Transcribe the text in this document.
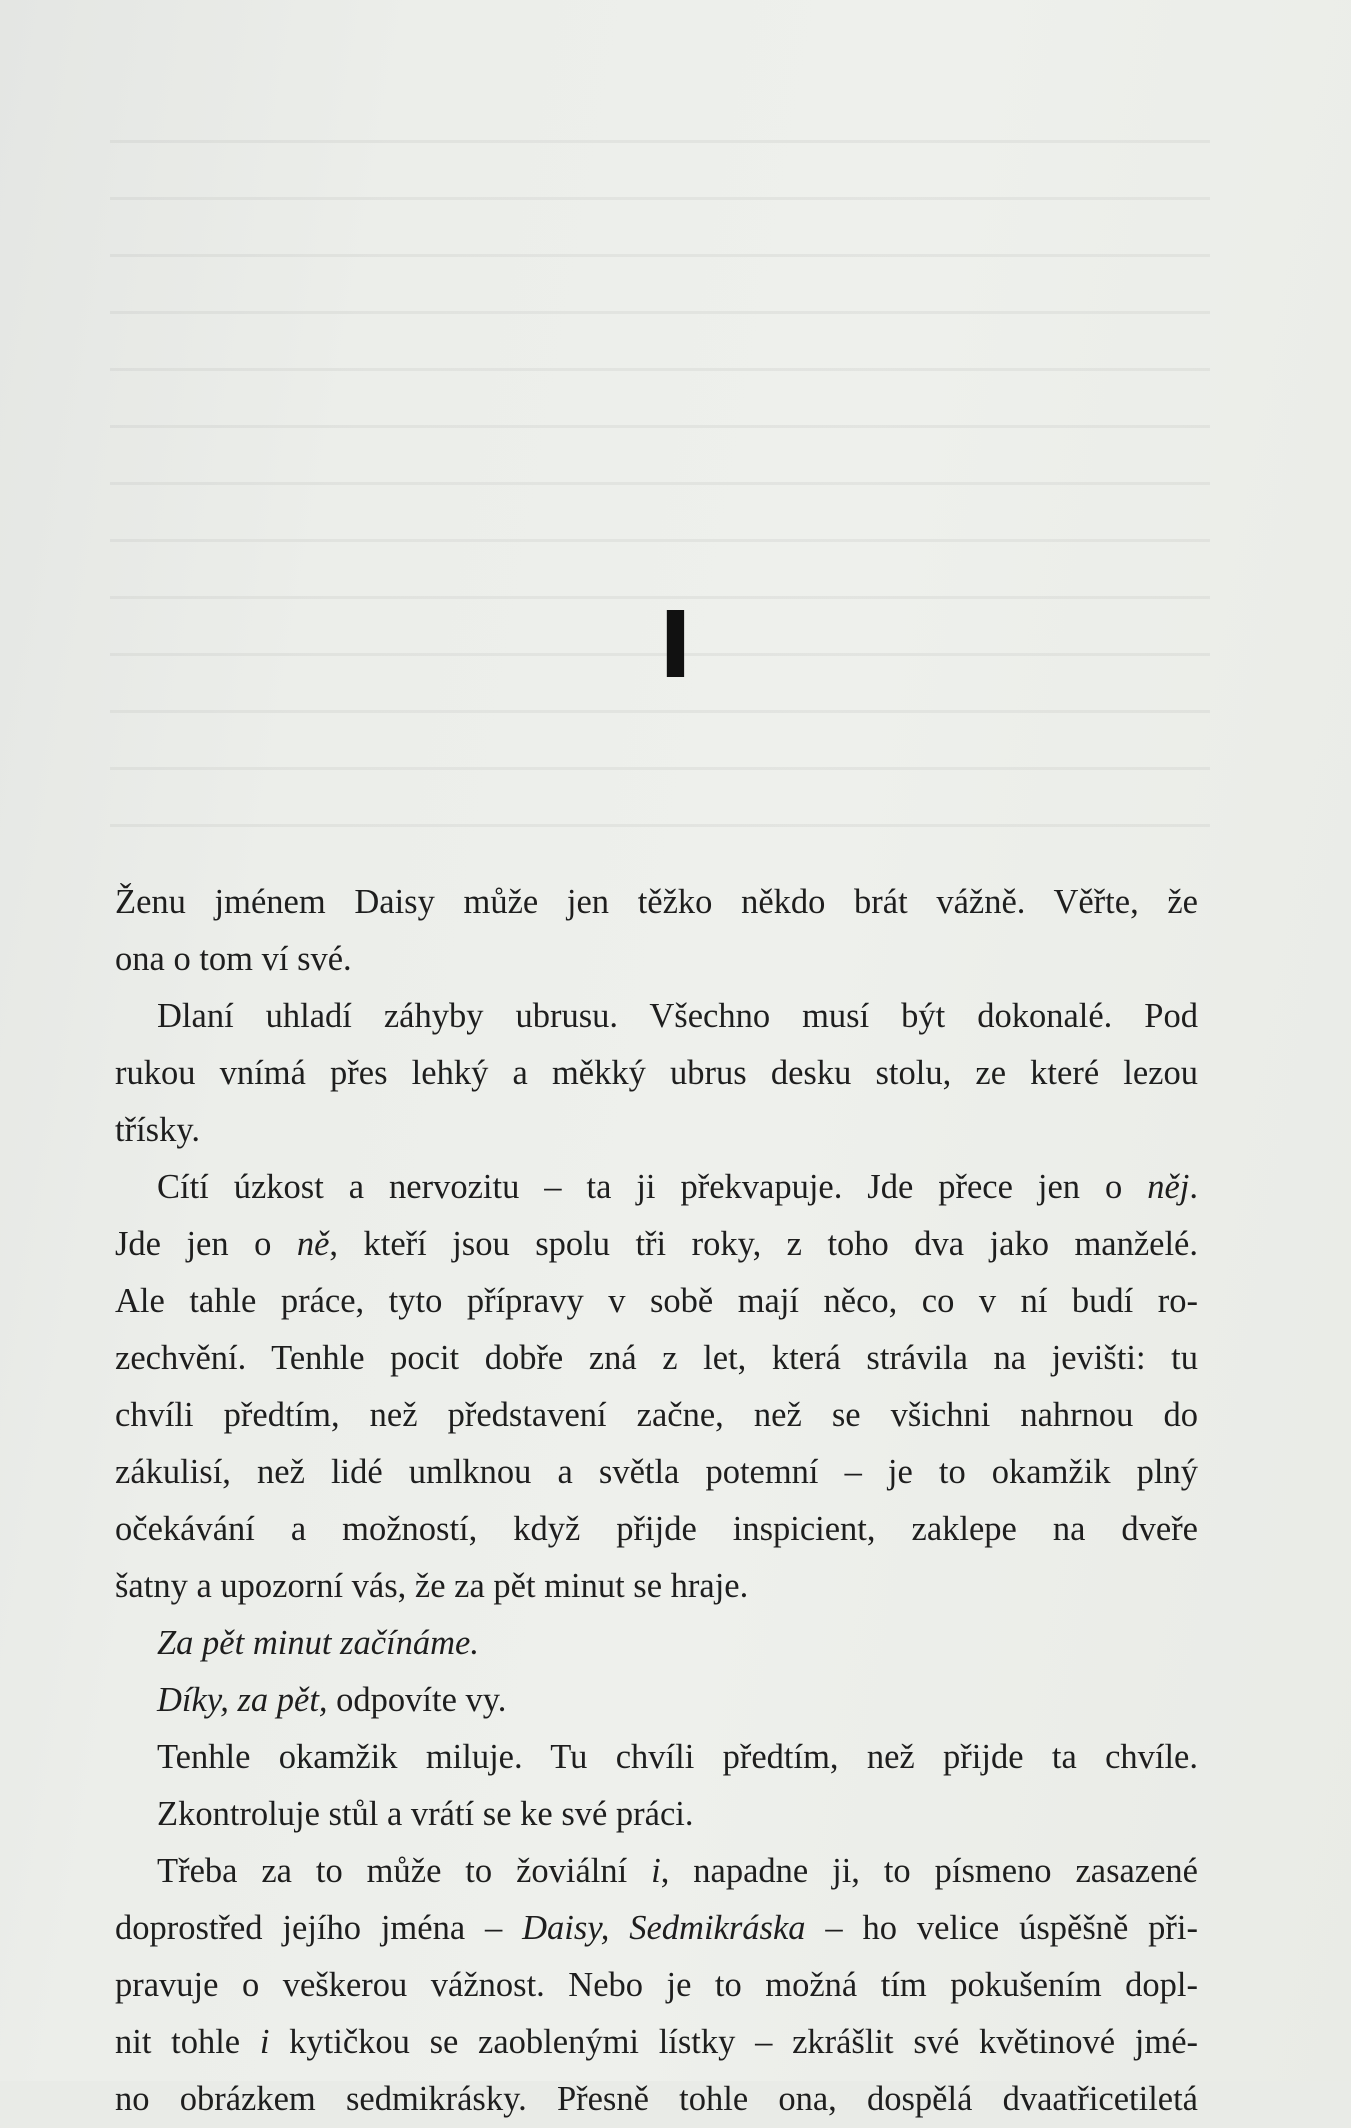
I
Ženu jménem Daisy může jen těžko někdo brát vážně. Věřte, že
ona o tom ví své.
Dlaní uhladí záhyby ubrusu. Všechno musí být dokonalé. Pod
rukou vnímá přes lehký a měkký ubrus desku stolu, ze které lezou
třísky.
Cítí úzkost a nervozitu – ta ji překvapuje. Jde přece jen o něj.
Jde jen o ně, kteří jsou spolu tři roky, z toho dva jako manželé.
Ale tahle práce, tyto přípravy v sobě mají něco, co v ní budí ro-
zechvění. Tenhle pocit dobře zná z let, která strávila na jevišti: tu
chvíli předtím, než představení začne, než se všichni nahrnou do
zákulisí, než lidé umlknou a světla potemní – je to okamžik plný
očekávání a možností, když přijde inspicient, zaklepe na dveře
šatny a upozorní vás, že za pět minut se hraje.
Za pět minut začínáme.
Díky, za pět, odpovíte vy.
Tenhle okamžik miluje. Tu chvíli předtím, než přijde ta chvíle.
Zkontroluje stůl a vrátí se ke své práci.
Třeba za to může to žoviální i, napadne ji, to písmeno zasazené
doprostřed jejího jména – Daisy, Sedmikráska – ho velice úspěšně při-
pravuje o veškerou vážnost. Nebo je to možná tím pokušením dopl-
nit tohle i kytičkou se zaoblenými lístky – zkrášlit své květinové jmé-
no obrázkem sedmikrásky. Přesně tohle ona, dospělá dvaatřicetiletá
